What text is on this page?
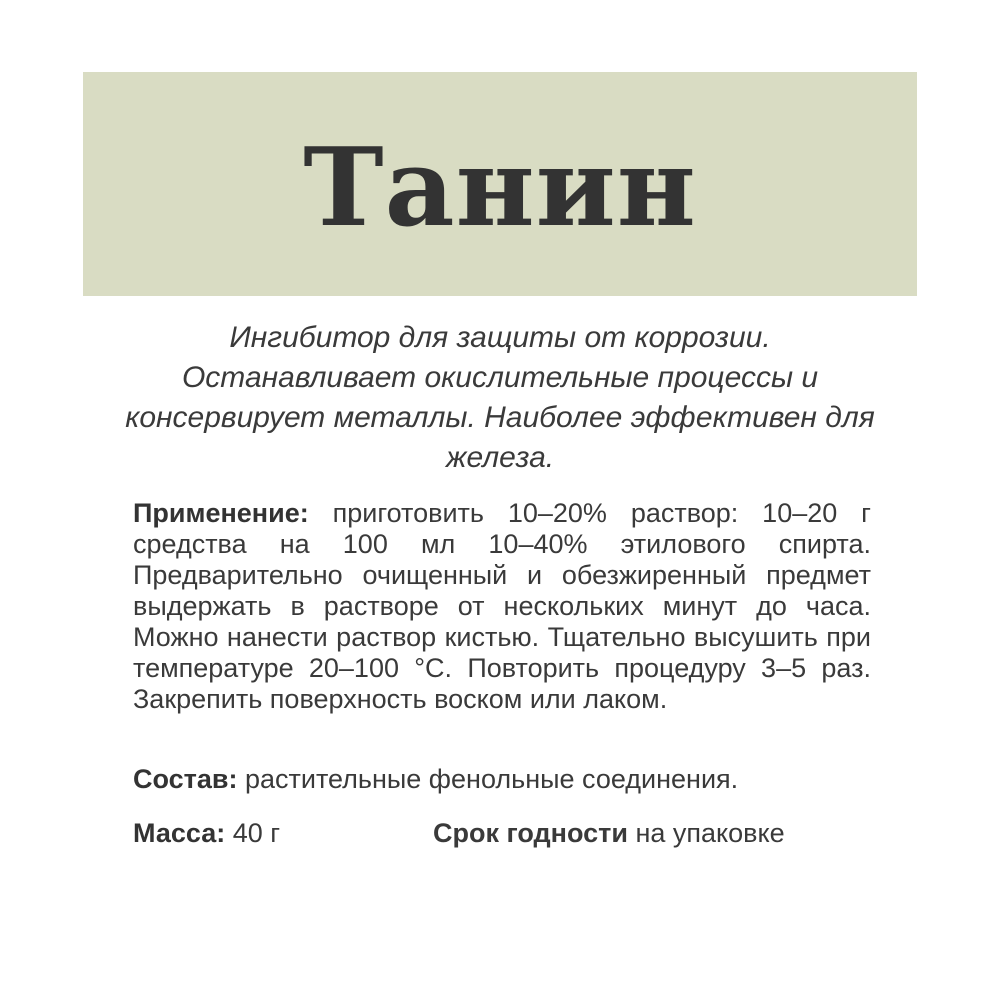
Танин

Ингибитор для защиты от коррозии. Останавливает окислительные процессы и консервирует металлы. Наиболее эффективен для железа.

Применение: приготовить 10–20% раствор: 10–20 г средства на 100 мл 10–40% этилового спирта. Предварительно очищенный и обезжиренный предмет выдержать в растворе от нескольких минут до часа. Можно нанести раствор кистью. Тщательно высушить при температуре 20–100 °C. Повторить процедуру 3–5 раз. Закрепить поверхность воском или лаком.

Состав: растительные фенольные соединения.
Масса: 40 г	Срок годности на упаковке
